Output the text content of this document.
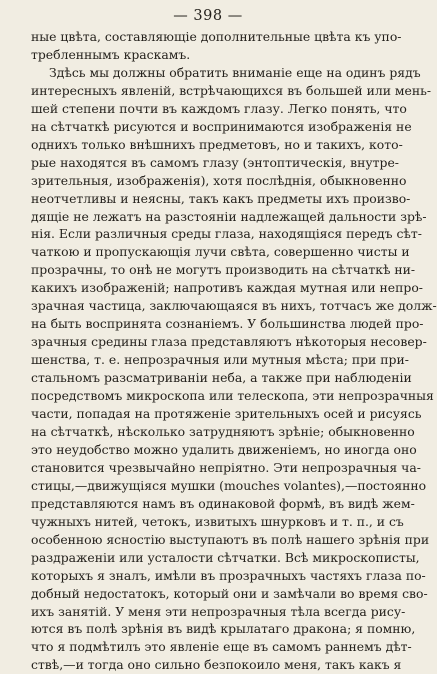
— 398 —
ные цвѣта, составляющіе дополнительные цвѣта къ упо-
требленнымъ краскамъ.
Здѣсь мы должны обратить вниманіе еще на одинъ рядъ
интересныхъ явленій, встрѣчающихся въ большей или мень-
шей степени почти въ каждомъ глазу. Легко понять, что
на сѣтчаткѣ рисуются и воспринимаются изображенія не
однихъ только внѣшнихъ предметовъ, но и такихъ, кото-
рые находятся въ самомъ глазу (энтоптическія, внутре-
зрительныя, изображенія), хотя послѣднія, обыкновенно
неотчетливы и неясны, такъ какъ предметы ихъ произво-
дящіе не лежатъ на разстояніи надлежащей дальности зрѣ-
нія. Если различныя среды глаза, находящіяся передъ сѣт-
чаткою и пропускающія лучи свѣта, совершенно чисты и
прозрачны, то онѣ не могутъ производить на сѣтчаткѣ ни-
какихъ изображеній; напротивъ каждая мутная или непро-
зрачная частица, заключающаяся въ нихъ, тотчасъ же долж-
на быть воспринята сознаніемъ. У большинства людей про-
зрачныя средины глаза представляютъ нѣкоторыя несовер-
шенства, т. е. непрозрачныя или мутныя мѣста; при при-
стальномъ разсматриваніи неба, а также при наблюденіи
посредствомъ микроскопа или телескопа, эти непрозрачныя
части, попадая на протяженіе зрительныхъ осей и рисуясь
на сѣтчаткѣ, нѣсколько затрудняютъ зрѣніе; обыкновенно
это неудобство можно удалить движеніемъ, но иногда оно
становится чрезвычайно непріятно. Эти непрозрачныя ча-
стицы,—движущіяся мушки (mouches volantes),—постоянно
представляются намъ въ одинаковой формѣ, въ видѣ жем-
чужныхъ нитей, четокъ, извитыхъ шнурковъ и т. п., и съ
особенною ясностію выступаютъ въ полѣ нашего зрѣнія при
раздраженіи или усталости сѣтчатки. Всѣ микроскописты,
которыхъ я зналъ, имѣли въ прозрачныхъ частяхъ глаза по-
добный недостатокъ, который они и замѣчали во время сво-
ихъ занятій. У меня эти непрозрачныя тѣла всегда рису-
ются въ полѣ зрѣнія въ видѣ крылатаго дракона; я помню,
что я подмѣтилъ это явленіе еще въ самомъ раннемъ дѣт-
ствѣ,—и тогда оно сильно безпокоило меня, такъ какъ я
